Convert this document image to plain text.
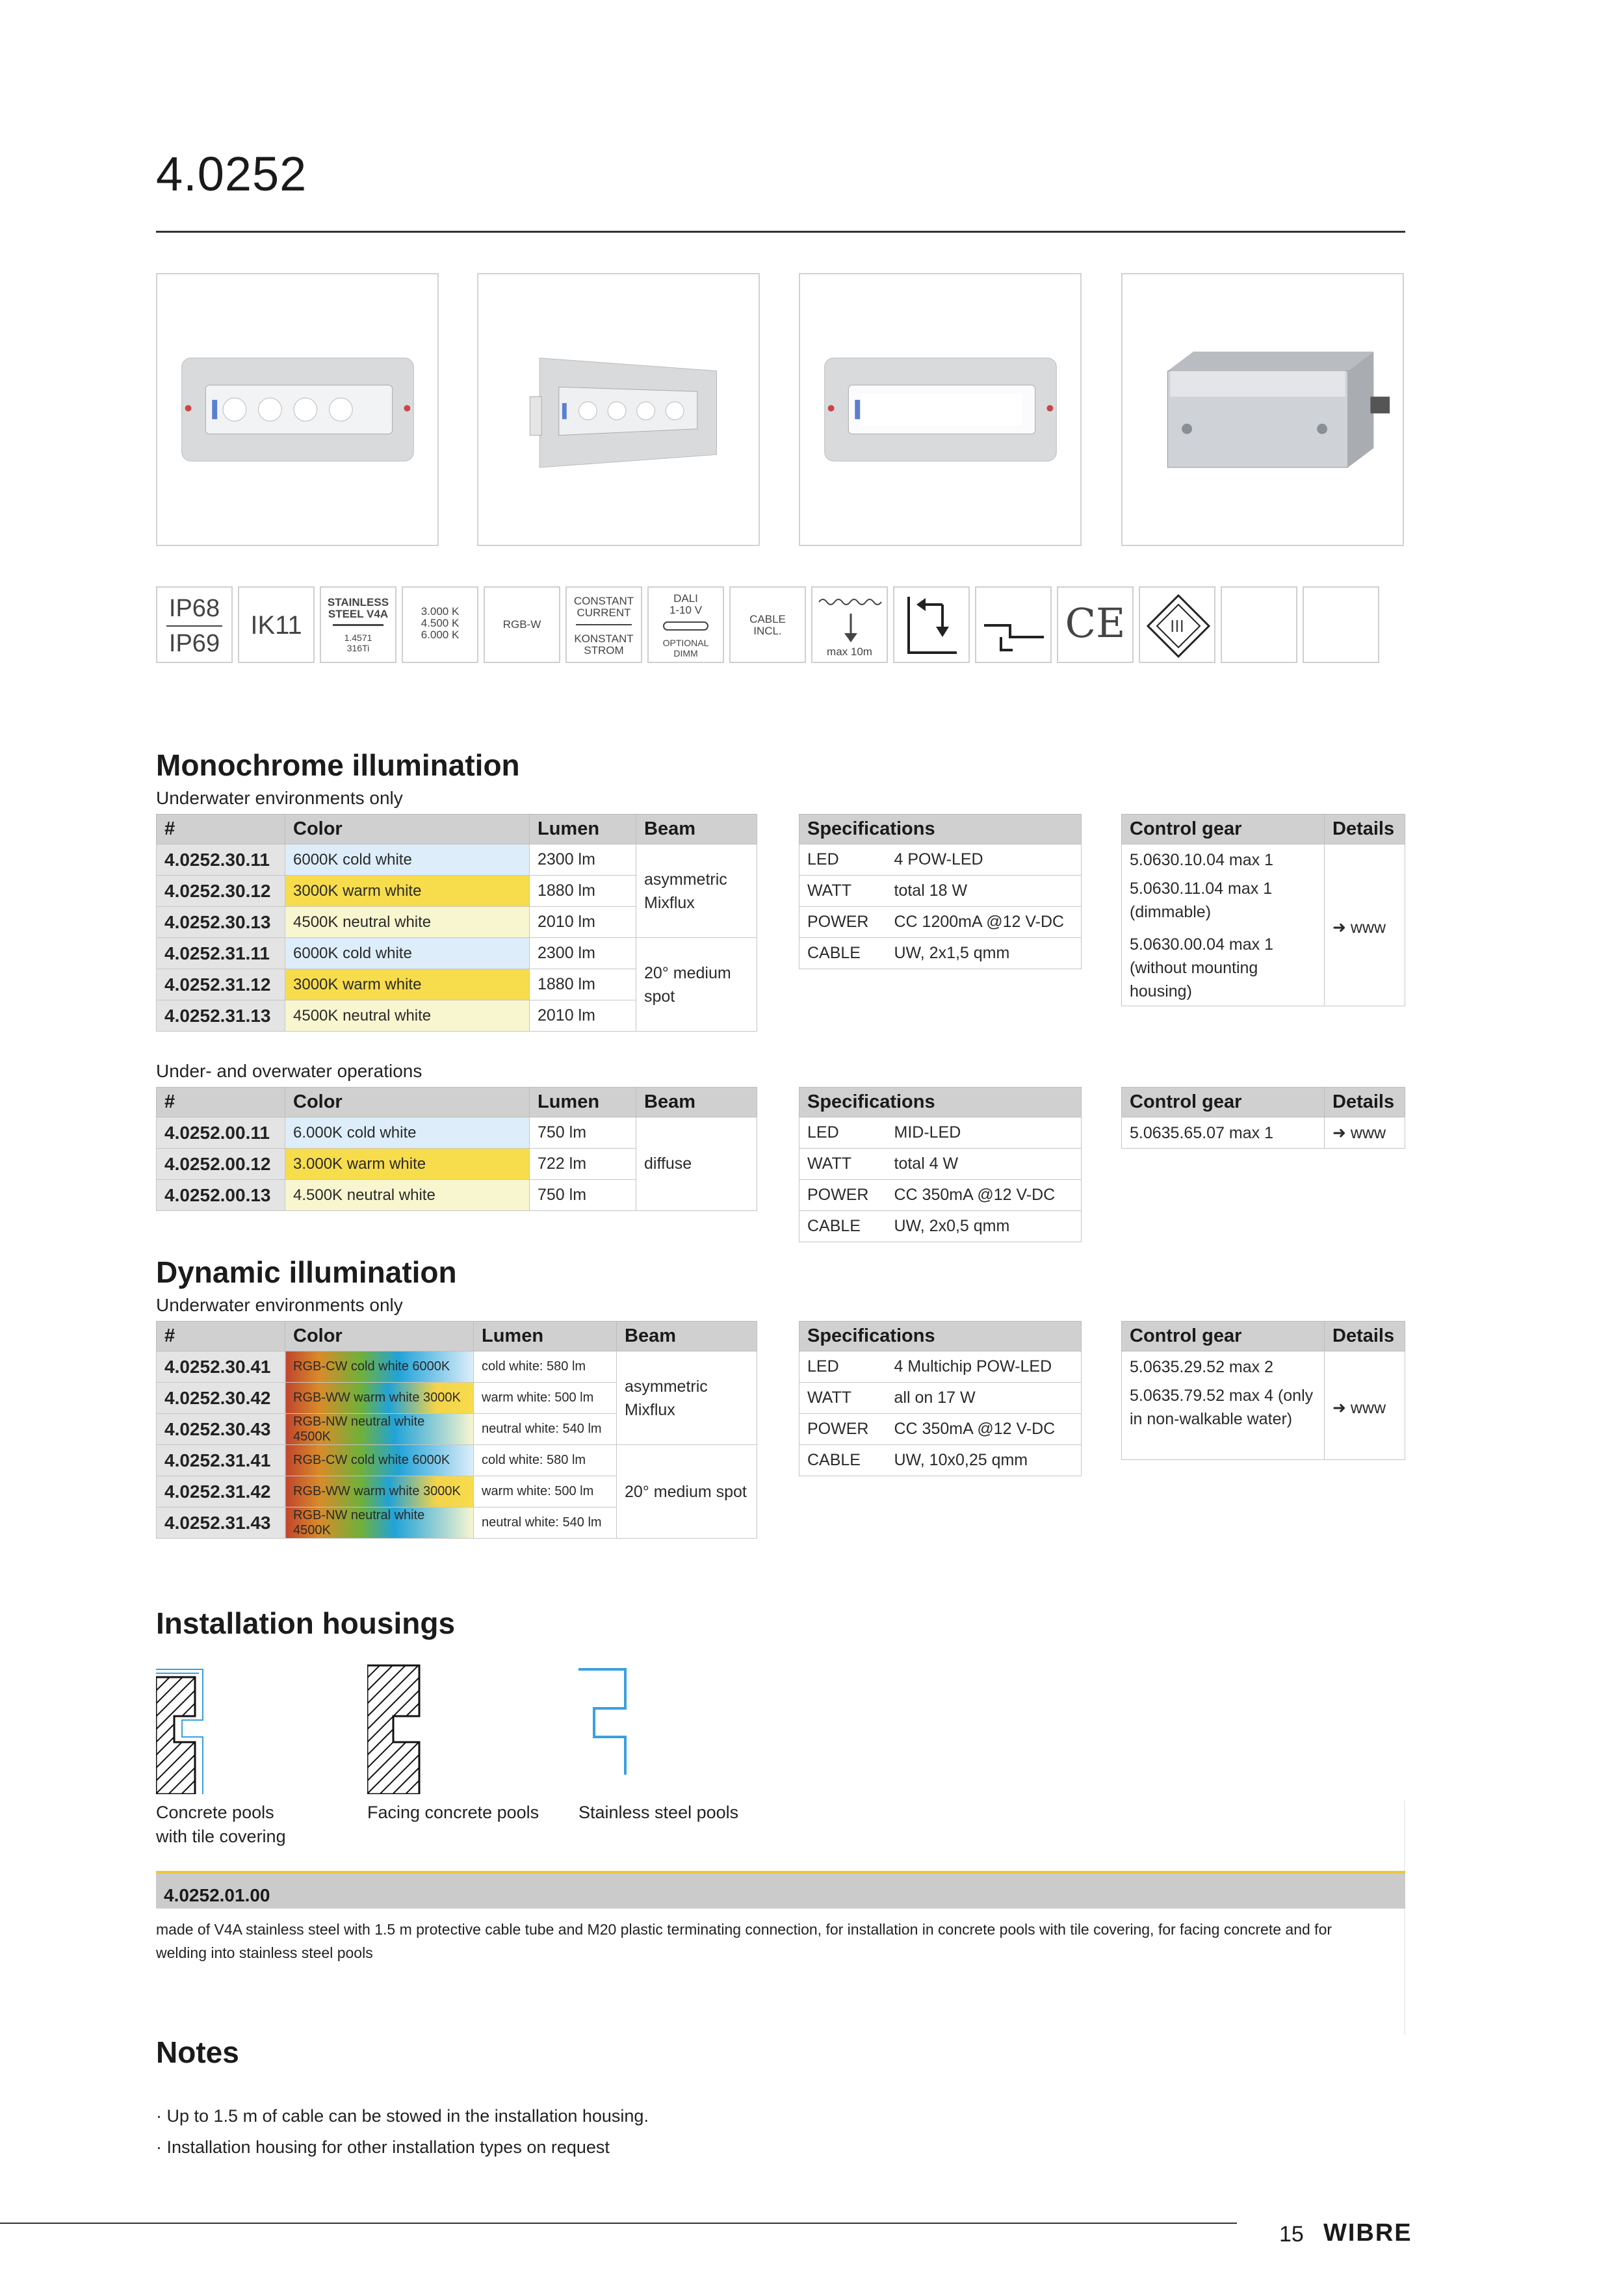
4.0252
IP68
IP69
IK11
STAINLESS
STEEL V4A
1.4571
316Ti
3.000 K
4.500 K
6.000 K
RGB-W
CONSTANT
CURRENT
KONSTANT
STROM
DALI
1-10 V
OPTIONAL
DIMM
CABLE
INCL.
max 10m
CE	III
Monochrome illumination
Underwater environments only
#	Color	Lumen	Beam
4.0252.30.11	6000K cold white	2300 lm	asymmetric Mixflux
4.0252.30.12	3000K warm white	1880 lm	
4.0252.30.13	4500K neutral white	2010 lm	
4.0252.31.11	6000K cold white	2300 lm	20° medium spot
4.0252.31.12	3000K warm white	1880 lm	
4.0252.31.13	4500K neutral white	2010 lm	
Specifications	
LED	4 POW-LED
WATT	total 18 W
POWER	CC 1200mA @12 V-DC
CABLE	UW, 2x1,5 qmm
Control gear	Details
5.0630.10.04 max 1	➜ www
5.0630.11.04 max 1 (dimmable)	
5.0630.00.04 max 1 (without mounting housing)	
Under- and overwater operations
#	Color	Lumen	Beam
4.0252.00.11	6.000K cold white	750 lm	diffuse
4.0252.00.12	3.000K warm white	722 lm	
4.0252.00.13	4.500K neutral white	750 lm	
Specifications	
LED	MID-LED
WATT	total 4 W
POWER	CC 350mA @12 V-DC
CABLE	UW, 2x0,5 qmm
Control gear	Details
5.0635.65.07 max 1	➜ www
Dynamic illumination
Underwater environments only
#	Color	Lumen	Beam
4.0252.30.41	RGB-CW cold white 6000K	cold white: 580 lm	asymmetric Mixflux
4.0252.30.42	RGB-WW warm white 3000K	warm white: 500 lm	
4.0252.30.43	RGB-NW neutral white 4500K	neutral white: 540 lm	
4.0252.31.41	RGB-CW cold white 6000K	cold white: 580 lm	20° medium spot
4.0252.31.42	RGB-WW warm white 3000K	warm white: 500 lm	
4.0252.31.43	RGB-NW neutral white 4500K	neutral white: 540 lm	
Specifications	
LED	4 Multichip POW-LED
WATT	all on 17 W
POWER	CC 350mA @12 V-DC
CABLE	UW, 10x0,25 qmm
Control gear	Details
5.0635.29.52 max 2	➜ www
5.0635.79.52 max 4 (only in non-walkable water)	
Installation housings
Concrete pools with tile covering
Facing concrete pools Stainless steel pools
4.0252.01.00
made of V4A stainless steel with 1.5 m protective cable tube and M20 plastic terminating connection, for installation in concrete pools with tile covering, for facing concrete and for welding into stainless steel pools
Notes
· Up to 1.5 m of cable can be stowed in the installation housing.
· Installation housing for other installation types on request
15 WIBRE
